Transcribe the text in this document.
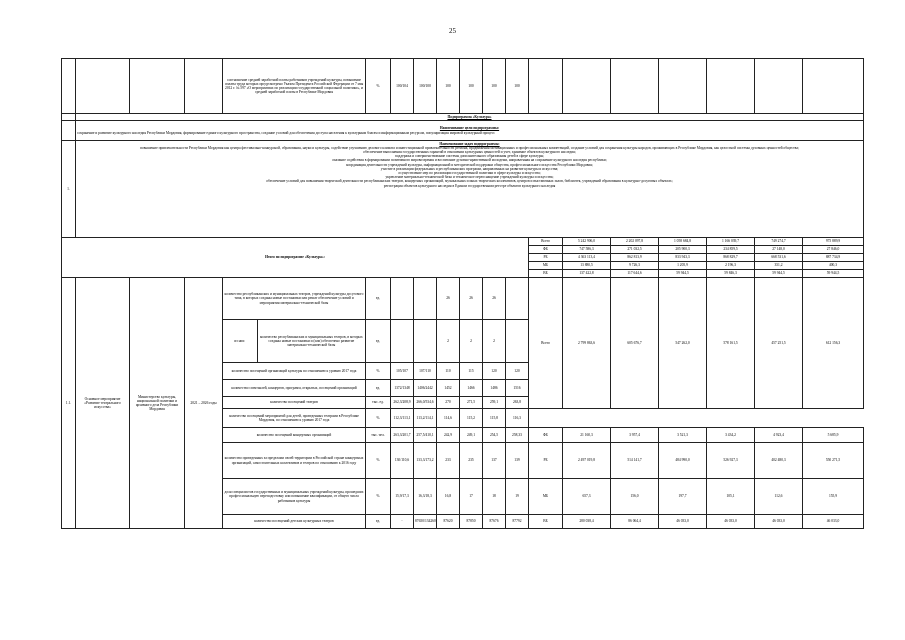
25
				соотношение средней заработной платы работников учреждений культуры, повышение оплаты труда которых предусмотрено Указом Президента Российской Федерации от 7 мая 2012 г. № 597 «О мероприятиях по реализации государственной социальной политики», и средней заработной платы в Республике Мордовия	%	100/104	100/100	100	100	100	100							
	Подпрограмма «Культура»

Наименование цели подпрограммы:
сохранение и развитие культурного наследия Республики Мордовия, формирование единого культурного пространства, создание условий для обеспечения доступа населения к культурным благам и информационным ресурсам, популяризация мировой культурный процесс

1.	
Наименование задач подпрограммы:
повышение привлекательности Республики Мордовия как центра фестивально-конкурсной, образования, науки и культуры, содействие улучшению делового климата и инвестиционной привлекательности региона, продвижения мотивационных и профессиональных компетенций, создание условий для сохранения культуры народов, проживающих в Республике Мордовия, как целостной системы духовных ценностей общества;
обеспечение выполнения государственных гарантий в отношении культурных ценностей и учет, хранение объектов культурного наследия;
поддержка и совершенствование системы дополнительного образования детей в сфере культуры;
оказание содействия в формировании позитивного мировоззрения и воспитание духовно-нравственной молодежи, направленная на сохранение культурного наследия республики;
координация деятельности учреждений культуры, информационной и методической поддержки общества, профессионального искусства Республики Мордовия;
участие в реализации федеральных и республиканских программ, направленных на развитие культуры и искусства;
осуществление мер по реализации государственной политики в сфере культуры и искусства;
укрепление материально-технической базы и техническое переоснащение учреждений культуры и искусства;
обеспечение условий для повышения творческой деятельности республиканских театров, концертных организаций, музыкальных и иных творческих коллективов, центров и выставочных залов, библиотек, учреждений образования в культурно-досуговых объектах;
регистрация объектов культурного наследия в Едином государственном реестре объектов культурного наследия

Итого по подпрограмме «Культура»:	Всего	5 242 906,0	2 202 097,8	1 058 684,8	1 166 039,7	749 274,7	975 889,9
ФБ	747 586,3	271 032,5	205 900,3	234 859,5	27 148,0	27 846,0
РБ	4 363 113,4	862 813,9	833 943,3	868 829,7	668 531,6	887 734,9
МБ	13 880,5	9 726,3	1 205,9	2 196,3	351,2	400,3
ВБ	137 422,8	117 644,6	59 944,5	59 846,3	59 944,5	59 944,5
1.1.	Основное мероприятие «Развитие театрального искусства»	Министерство культуры, национальной политики и архивного дела Республики Мордовия	2021 – 2026 годы	количество республиканских и муниципальных театров, учреждений культуры досугового типа, в которых созданы новые постановки или решат обеспечение условий и мероприятия материально-технической базы	ед.			26	26	26		Всего	2 799 863,6	605 676,7	547 262,0	578 161,5	457 251,5	612 156,3

из них:	количество республиканских и муниципальных театров, в которых созданы новые постановки и (или) обеспечено развитие материально-технической базы
	ед.			2	2	2	
количество посещений организаций культуры по отношению к уровню 2017 года	%	105/107	107/110	110	115	120	120
количество спектаклей, концертов, программ, открытых, посещений организаций	ед.	1372/1348	1406/2442	1452	1466	1486	1516
количество посещений театров	тыс. ед.	262,3/208,9	266,0/534,6	270	271,5	259,1	263,8
количество посещений мероприятий для детей, проведенных театрами в Республике Мордовия, по отношению к уровню 2017 года	%	112,3/113,1	113,2/114,1	114,6	115,2	115,8	116,3
количество посещений концертных организаций	тыс. чел.	263,3/201,7	257,5/410,1	242,9	249,1	254,5	258,33	ФБ	21 160,3	3 957,4	3 521,3	3 434,2	4 923,4	5 685,9
количество проведенных за пределами своей территории в Российской стране концертных организаций, самостоятельных коллективов и театров по отношению к 2016 году	%	130/110,6	133,3/173,2	233	235	137	139	РБ	2 497 019,8	514 141,7	484 990,0	526 927,3	402 480,3	550 271,5
доля специалистов государственных и муниципальных учреждений культуры, прошедших профессиональную переподготовку или повышение квалификации, от общего числа работников культуры	%	15,9/17,3	16,3/18,3	16,8	17	18	19	МБ	657,3	156,0	197,7	105,1	112,6	155,9
количество посещений детских культурных театров	ед.	-	87650/134260	87620	87850	87676	87792	ВБ	280 038,4	86 064,4	46 033,0	46 033,0	46 033,0	46 033,0
